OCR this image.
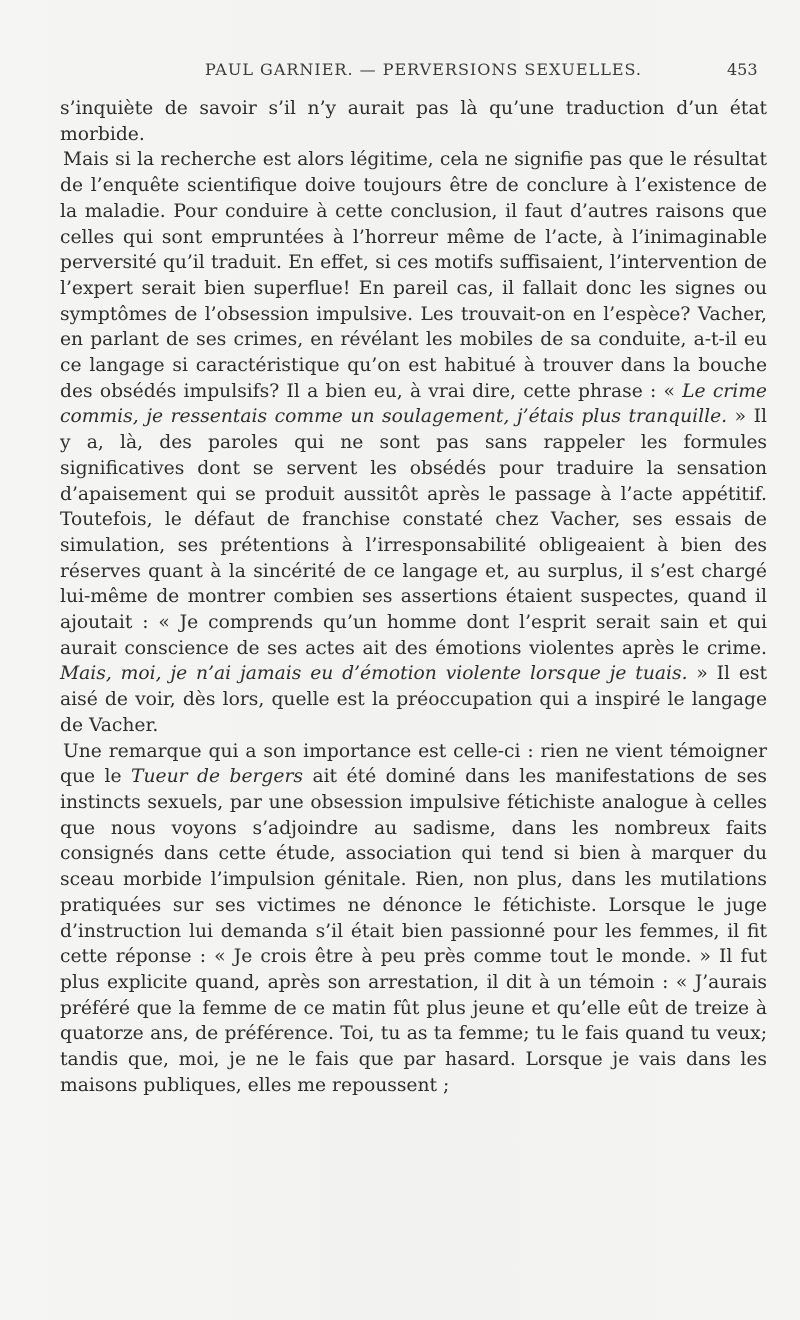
PAUL GARNIER. — PERVERSIONS SEXUELLES.	453

s’inquiète de savoir s’il n’y aurait pas là qu’une traduction d’un état morbide.

Mais si la recherche est alors légitime, cela ne signifie pas que le résultat de l’enquête scientifique doive toujours être de conclure à l’existence de la maladie. Pour conduire à cette conclusion, il faut d’autres raisons que celles qui sont empruntées à l’horreur même de l’acte, à l’inimaginable perversité qu’il traduit. En effet, si ces motifs suffisaient, l’intervention de l’expert serait bien superflue! En pareil cas, il fallait donc les signes ou symptômes de l’obsession impulsive. Les trouvait-on en l’espèce? Vacher, en parlant de ses crimes, en révélant les mobiles de sa conduite, a-t-il eu ce langage si caractéristique qu’on est habitué à trouver dans la bouche des obsédés impulsifs? Il a bien eu, à vrai dire, cette phrase : « Le crime commis, je ressentais comme un soulagement, j’étais plus tranquille. » Il y a, là, des paroles qui ne sont pas sans rappeler les formules significatives dont se servent les obsédés pour traduire la sensation d’apaisement qui se produit aussitôt après le passage à l’acte appétitif. Toutefois, le défaut de franchise constaté chez Vacher, ses essais de simulation, ses prétentions à l’irresponsabilité obligeaient à bien des réserves quant à la sincérité de ce langage et, au surplus, il s’est chargé lui-même de montrer combien ses assertions étaient suspectes, quand il ajoutait : « Je comprends qu’un homme dont l’esprit serait sain et qui aurait conscience de ses actes ait des émotions violentes après le crime. Mais, moi, je n’ai jamais eu d’émotion violente lorsque je tuais. » Il est aisé de voir, dès lors, quelle est la préoccupation qui a inspiré le langage de Vacher.

Une remarque qui a son importance est celle-ci : rien ne vient témoigner que le Tueur de bergers ait été dominé dans les manifestations de ses instincts sexuels, par une obsession impulsive fétichiste analogue à celles que nous voyons s’adjoindre au sadisme, dans les nombreux faits consignés dans cette étude, association qui tend si bien à marquer du sceau morbide l’impulsion génitale. Rien, non plus, dans les mutilations pratiquées sur ses victimes ne dénonce le fétichiste. Lorsque le juge d’instruction lui demanda s’il était bien passionné pour les femmes, il fit cette réponse : « Je crois être à peu près comme tout le monde. » Il fut plus explicite quand, après son arrestation, il dit à un témoin : « J’aurais préféré que la femme de ce matin fût plus jeune et qu’elle eût de treize à quatorze ans, de préférence. Toi, tu as ta femme; tu le fais quand tu veux; tandis que, moi, je ne le fais que par hasard. Lorsque je vais dans les maisons publiques, elles me repoussent ;
